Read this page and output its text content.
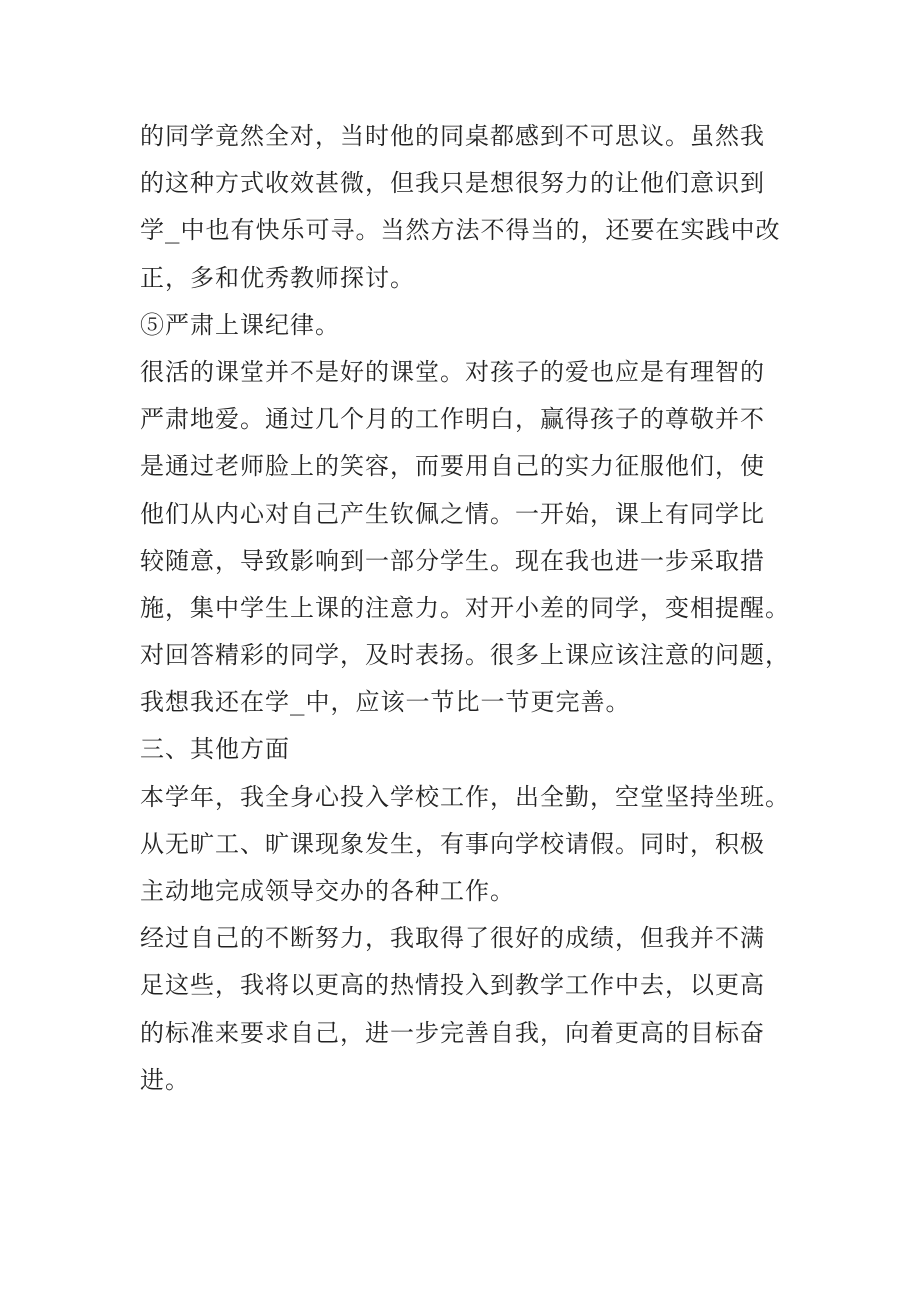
的同学竟然全对，当时他的同桌都感到不可思议。虽然我
的这种方式收效甚微，但我只是想很努力的让他们意识到
学_中也有快乐可寻。当然方法不得当的，还要在实践中改
正，多和优秀教师探讨。
⑤严肃上课纪律。
很活的课堂并不是好的课堂。对孩子的爱也应是有理智的
严肃地爱。通过几个月的工作明白，赢得孩子的尊敬并不
是通过老师脸上的笑容，而要用自己的实力征服他们，使
他们从内心对自己产生钦佩之情。一开始，课上有同学比
较随意，导致影响到一部分学生。现在我也进一步采取措
施，集中学生上课的注意力。对开小差的同学，变相提醒。
对回答精彩的同学，及时表扬。很多上课应该注意的问题，
我想我还在学_中，应该一节比一节更完善。
三、其他方面
本学年，我全身心投入学校工作，出全勤，空堂坚持坐班。
从无旷工、旷课现象发生，有事向学校请假。同时，积极
主动地完成领导交办的各种工作。
经过自己的不断努力，我取得了很好的成绩，但我并不满
足这些，我将以更高的热情投入到教学工作中去，以更高
的标准来要求自己，进一步完善自我，向着更高的目标奋
进。
